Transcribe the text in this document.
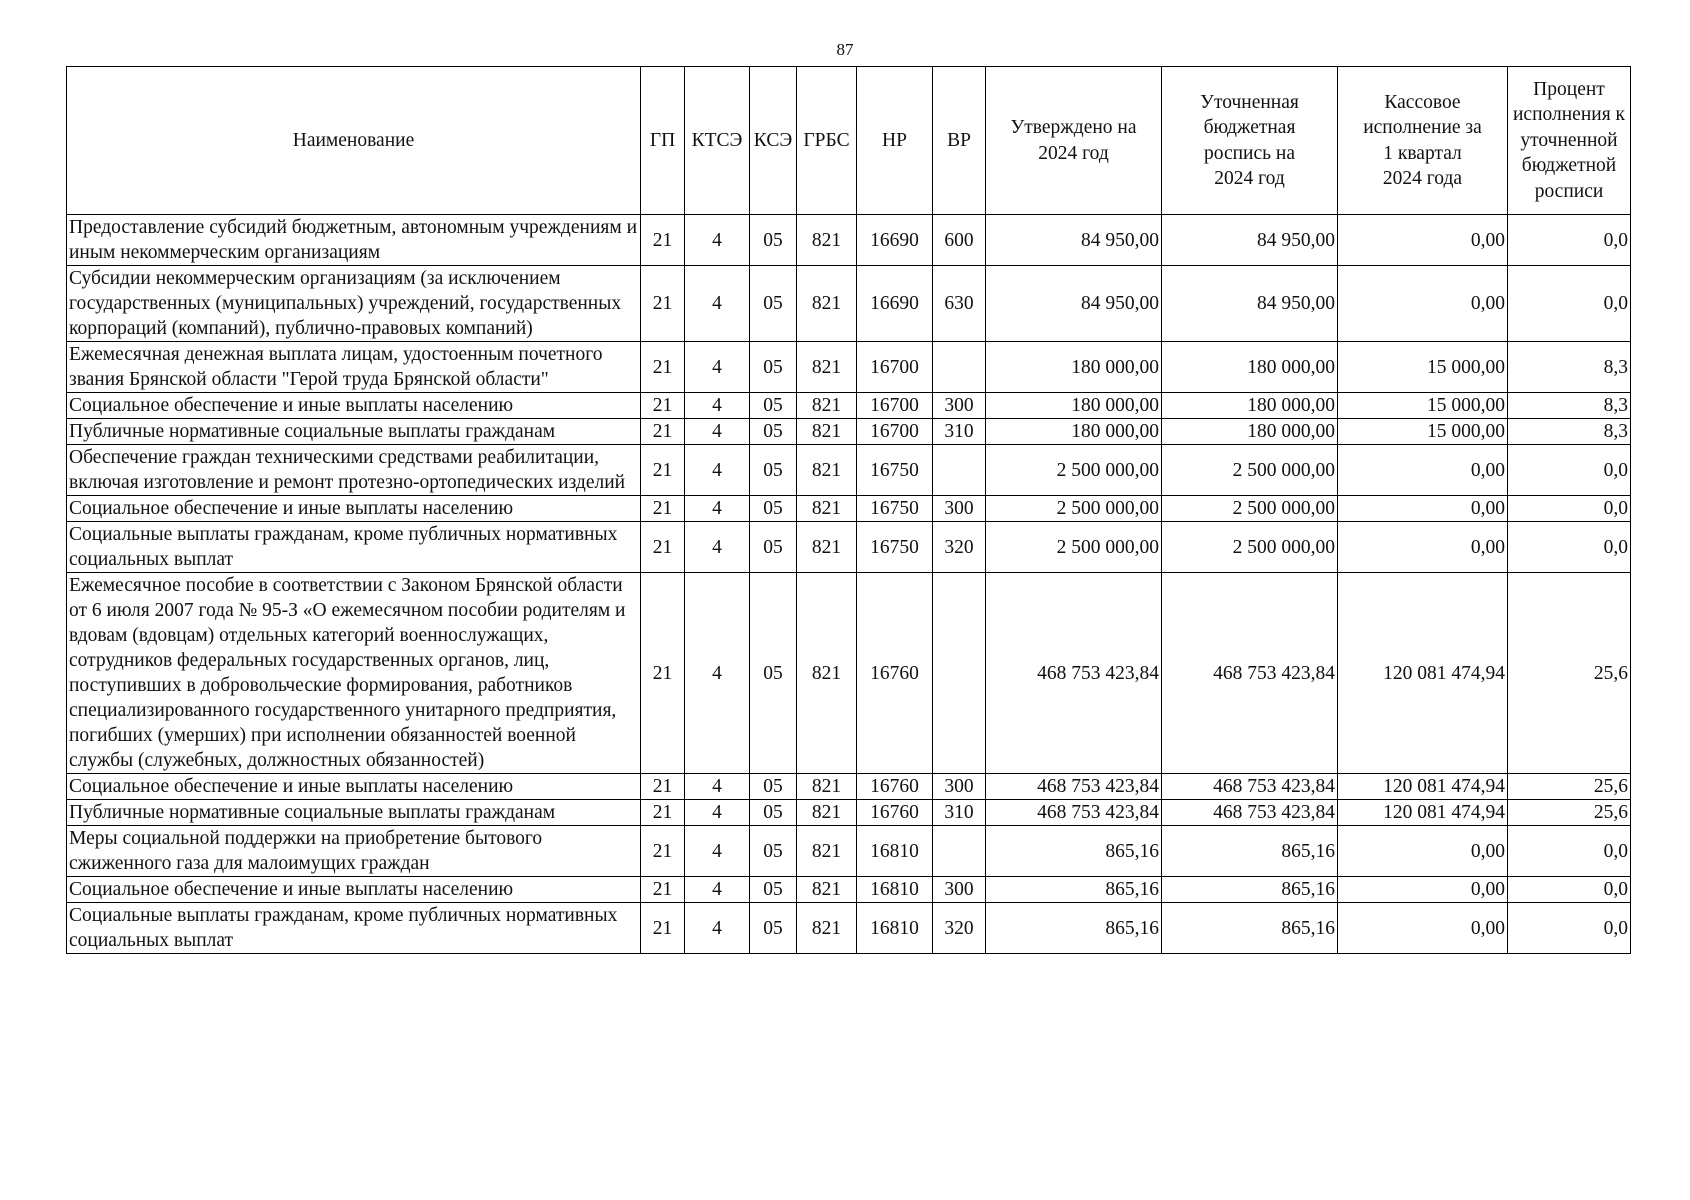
87
Наименование	ГП	КТСЭ	КСЭ	ГРБС	НР	ВР	Утверждено на 2024 год	Уточненная бюджетная роспись на 2024 год	Кассовое исполнение за 1 квартал 2024 года	Процент исполнения к уточненной бюджетной росписи
Предоставление субсидий бюджетным, автономным учреждениям и иным некоммерческим организациям	21	4	05	821	16690	600	84 950,00	84 950,00	0,00	0,0
Субсидии некоммерческим организациям (за исключением государственных (муниципальных) учреждений, государственных корпораций (компаний), публично-правовых компаний)	21	4	05	821	16690	630	84 950,00	84 950,00	0,00	0,0
Ежемесячная денежная выплата лицам, удостоенным почетного звания Брянской области "Герой труда Брянской области"	21	4	05	821	16700		180 000,00	180 000,00	15 000,00	8,3
Социальное обеспечение и иные выплаты населению	21	4	05	821	16700	300	180 000,00	180 000,00	15 000,00	8,3
Публичные нормативные социальные выплаты гражданам	21	4	05	821	16700	310	180 000,00	180 000,00	15 000,00	8,3
Обеспечение граждан техническими средствами реабилитации, включая изготовление и ремонт протезно-ортопедических изделий	21	4	05	821	16750		2 500 000,00	2 500 000,00	0,00	0,0
Социальное обеспечение и иные выплаты населению	21	4	05	821	16750	300	2 500 000,00	2 500 000,00	0,00	0,0
Социальные выплаты гражданам, кроме публичных нормативных социальных выплат	21	4	05	821	16750	320	2 500 000,00	2 500 000,00	0,00	0,0
Ежемесячное пособие в соответствии с Законом Брянской области от 6 июля 2007 года № 95-З «О ежемесячном пособии родителям и вдовам (вдовцам) отдельных категорий военнослужащих, сотрудников федеральных государственных органов, лиц, поступивших в добровольческие формирования, работников специализированного государственного унитарного предприятия, погибших (умерших) при исполнении обязанностей военной службы (служебных, должностных обязанностей)	21	4	05	821	16760		468 753 423,84	468 753 423,84	120 081 474,94	25,6
Социальное обеспечение и иные выплаты населению	21	4	05	821	16760	300	468 753 423,84	468 753 423,84	120 081 474,94	25,6
Публичные нормативные социальные выплаты гражданам	21	4	05	821	16760	310	468 753 423,84	468 753 423,84	120 081 474,94	25,6
Меры социальной поддержки на приобретение бытового сжиженного газа для малоимущих граждан	21	4	05	821	16810		865,16	865,16	0,00	0,0
Социальное обеспечение и иные выплаты населению	21	4	05	821	16810	300	865,16	865,16	0,00	0,0
Социальные выплаты гражданам, кроме публичных нормативных социальных выплат	21	4	05	821	16810	320	865,16	865,16	0,00	0,0
